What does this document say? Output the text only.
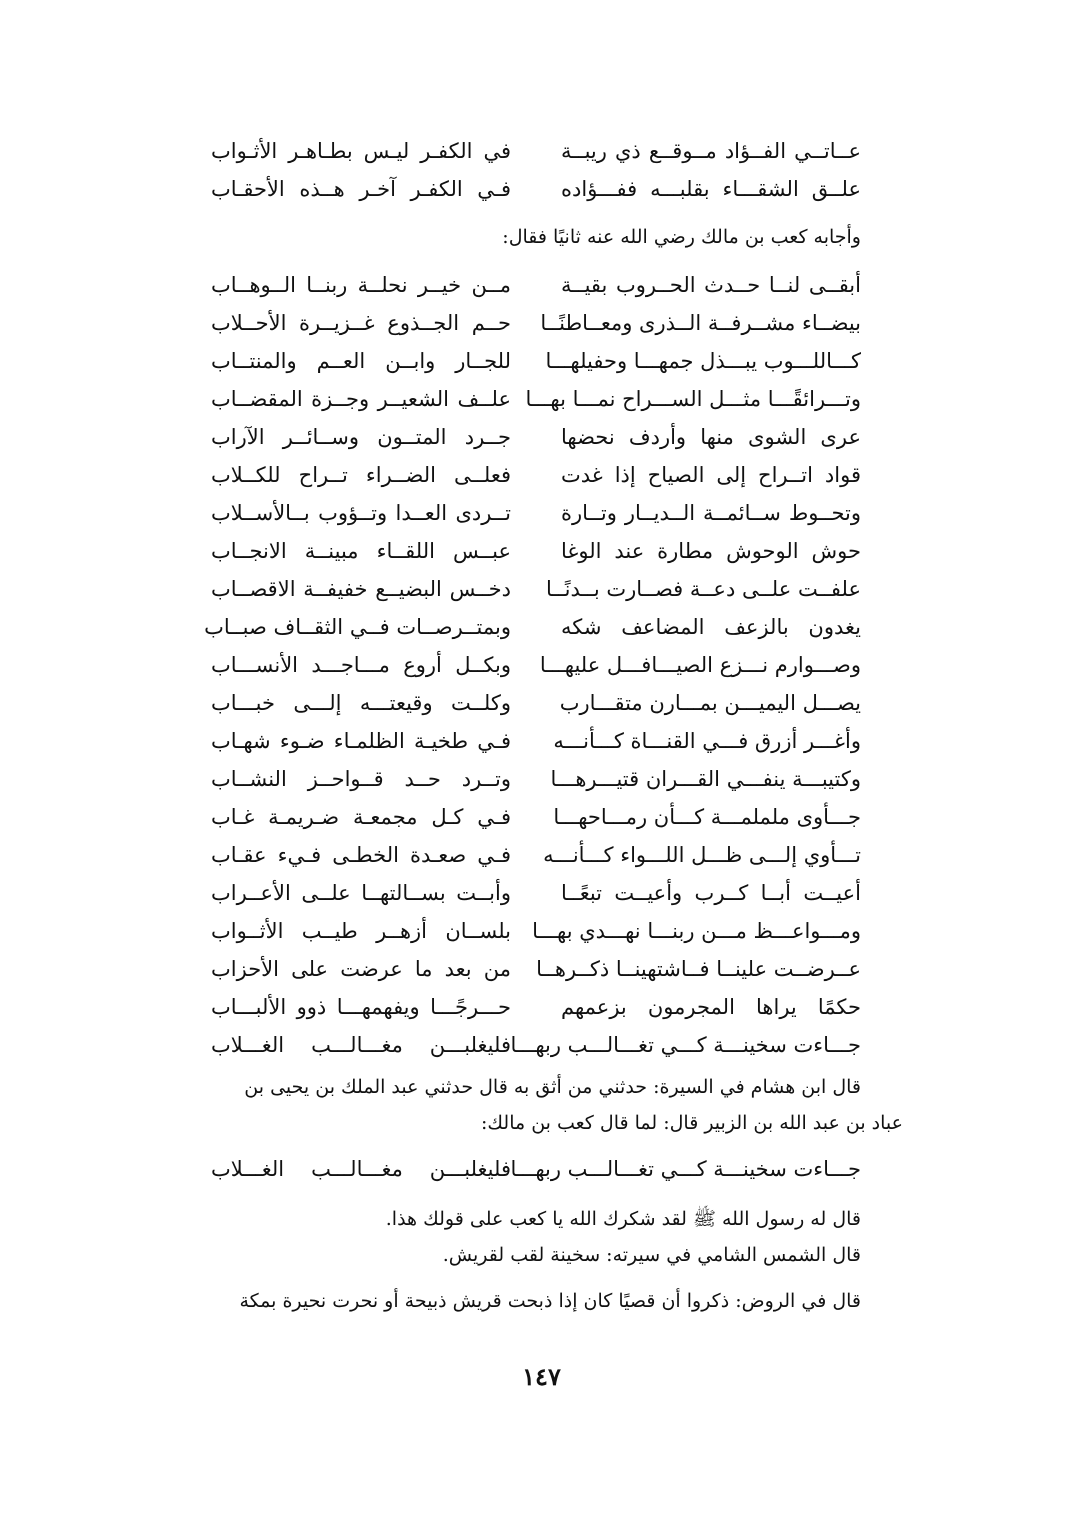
عــاتــي الفــؤاد مــوقــع ذي ريبــة
في الكفـر ليـس بطـاهـر الأثـواب
علــق الشقـــاء بقلبـــه ففـــؤاده
فـي الكفـر آخـر هــذه الأحقـاب
وأجابه كعب بن مالك رضي الله عنه ثانيًا فقال:
أبقــى لنــا حــدث الحــروب بقيــة
مــن خيــر نحلــة ربنــا الــوهــاب
بيضــاء مشــرفــة الــذرى ومعــاطنًــا
حــم الجــذوع غــزيــرة الأحــلاب
كـــاللـــوب يبـــذل جمهـــا وحفيلهـــا
للجــار وابــن العــم والمنتــاب
وتـــرائقًـــا مثـــل الســـراح نمـــا بهـــا
علــف الشعيــر وجــزة المقضــاب
عرى الشوى منها وأردف نحضها
جــرد المتــون وســائــر الآراب
قواد اتــراح إلى الصياح إذا غدت
فعلــى الضــراء تــراح للكــلاب
وتحــوط ســائمــة الــديــار وتــارة
تــردى العــدا وتــؤوب بــالأســلاب
حوش الوحوش مطارة عند الوغا
عبــس اللقــاء مبينــة الانجــاب
علفــت علــى دعــة فصــارت بــدنًــا
دخــس البضيــع خفيفــة الاقصــاب
يغدون بالزعف المضاعف شكه
وبمتــرصــات فــي الثقــاف صبــاب
وصـــوارم نـــزع الصيـــافـــل عليهـــا
وبكــل أروع مـــاجـــد الأنســـاب
يصـــل اليميـــن بمـــارن متقـــارب
وكلــت وقيعتـــه إلـــى خبـــاب
وأغـــر أزرق فـــي القنـــاة كـــأنـــه
فـي طخيـة الظلمـاء ضـوء شهـاب
وكتيبـــة ينفـــي القـــران قتيـــرهـــا
وتــرد حــد قــواحــز النشــاب
جـــأوى ململمـــة كـــأن رمـــاحهـــا
فـي كـل مجمعـة ضـريمـة غـاب
تـــأوي إلـــى ظـــل اللـــواء كـــأنـــه
فـي صعـدة الخطـى فـيء عقـاب
أعيــت أبــا كــرب وأعيــت تبعًــا
وأبــت بســالتهــا علــى الأعــراب
ومـــواعـــظ مـــن ربنـــا نهـــدي بهـــا
بلســان أزهــر طيــب الأثــواب
عــرضــت علينــا فــاشتهينــا ذكــرهــا
من بعد ما عرضت على الأحزاب
حكمًا يراها المجرمون بزعمهم
حـــرجًـــا ويفهمهـــا ذوو الألبـــاب
جـــاءت سخينـــة كـــي تغـــالـــب ربهـــا
فليغلبـــن مغـــالـــب الغـــلاب
قال ابن هشام في السيرة: حدثني من أثق به قال حدثني عبد الملك بن يحيى بن
عباد بن عبد الله بن الزبير قال: لما قال كعب بن مالك:
جـــاءت سخينـــة كـــي تغـــالـــب ربهـــا
فليغلبـــن مغـــالـــب الغـــلاب
قال له رسول الله ﷺ لقد شكرك الله يا كعب على قولك هذا.
قال الشمس الشامي في سيرته: سخينة لقب لقريش.
قال في الروض: ذكروا أن قصيًا كان إذا ذبحت قريش ذبيحة أو نحرت نحيرة بمكة
١٤٧
